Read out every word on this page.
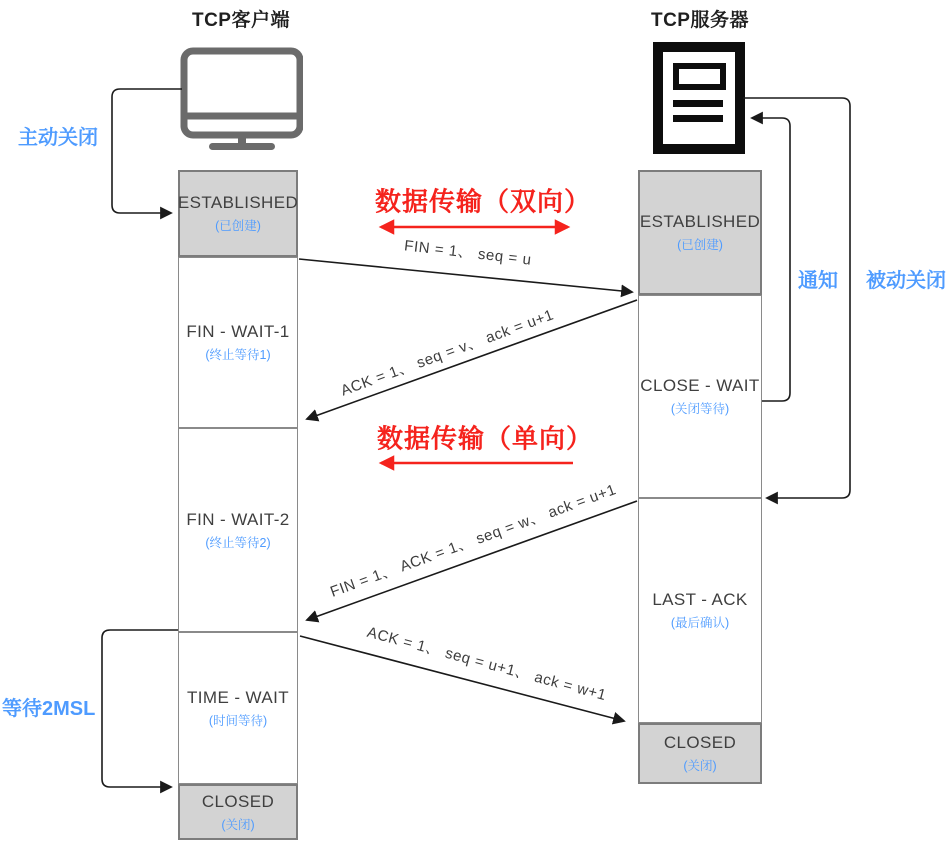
TCP客户端	TCP服务器
ESTABLISHED
(已创建)
FIN - WAIT-1
(终止等待1)
FIN - WAIT-2
(终止等待2)
TIME - WAIT
(时间等待)
CLOSED
(关闭)
ESTABLISHED
(已创建)
CLOSE - WAIT
(关闭等待)
LAST - ACK
(最后确认)
CLOSED
(关闭)
主动关闭
等待2MSL
通知 被动关闭
数据传输（双向）
数据传输（单向）
FIN = 1、 seq = u
ACK = 1、 seq = v、 ack = u+1
FIN = 1、 ACK = 1、 seq = w、 ack = u+1
ACK = 1、 seq = u+1、 ack = w+1
